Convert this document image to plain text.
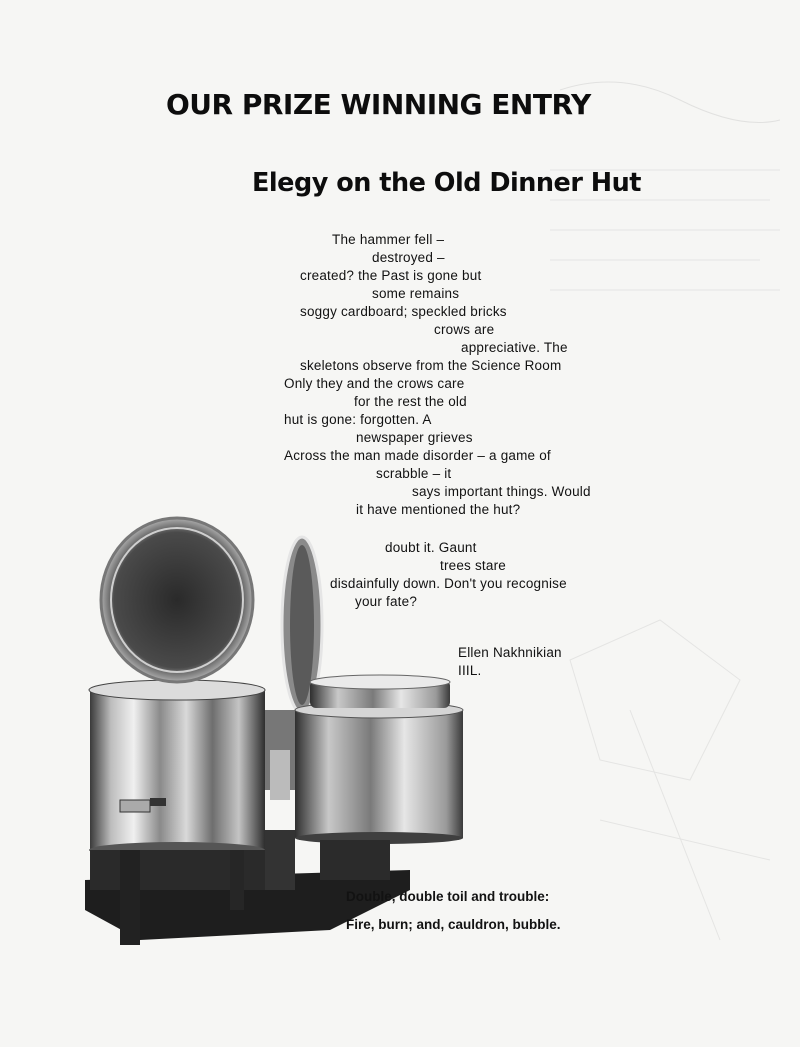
OUR PRIZE WINNING ENTRY
Elegy on the Old Dinner Hut

The hammer fell –

destroyed –

created? the Past is gone but

some remains

soggy cardboard; speckled bricks

crows are

appreciative. The

skeletons observe from the Science Room

Only they and the crows care

for the rest the old

hut is gone: forgotten. A

newspaper grieves

Across the man made disorder – a game of

scrabble – it

says important things. Would

it have mentioned the hut?

doubt it. Gaunt

trees stare

disdainfully down. Don't you recognise

your fate?

Ellen Nakhnikian

IIIL.

Double, double toil and trouble:

Fire, burn; and, cauldron, bubble.
